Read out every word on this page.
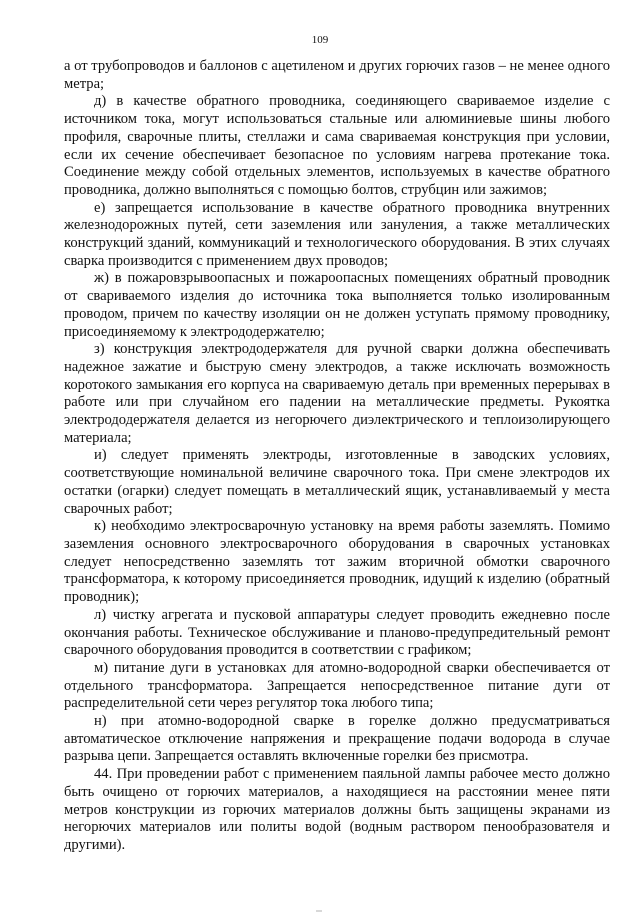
109

а от трубопроводов и баллонов с ацетиленом и других горючих газов – не менее одного метра;

д) в качестве обратного проводника, соединяющего свариваемое изделие с источником тока, могут использоваться стальные или алюминиевые шины любого профиля, сварочные плиты, стеллажи и сама свариваемая конструкция при условии, если их сечение обеспечивает безопасное по условиям нагрева протекание тока. Соединение между собой отдельных элементов, используемых в качестве обратного проводника, должно выполняться с помощью болтов, струбцин или зажимов;

е) запрещается использование в качестве обратного проводника внутренних железнодорожных путей, сети заземления или зануления, а также металлических конструкций зданий, коммуникаций и технологического оборудования. В этих случаях сварка производится с применением двух проводов;

ж) в пожаровзрывоопасных и пожароопасных помещениях обратный проводник от свариваемого изделия до источника тока выполняется только изолированным проводом, причем по качеству изоляции он не должен уступать прямому проводнику, присоединяемому к электрододержателю;

з) конструкция электрододержателя для ручной сварки должна обеспечивать надежное зажатие и быструю смену электродов, а также исключать возможность коротокого замыкания его корпуса на свариваемую деталь при временных перерывах в работе или при случайном его падении на металлические предметы. Рукоятка электрододержателя делается из негорючего диэлектрического и теплоизолирующего материала;

и) следует применять электроды, изготовленные в заводских условиях, соответствующие номинальной величине сварочного тока. При смене электродов их остатки (огарки) следует помещать в металлический ящик, устанавливаемый у места сварочных работ;

к) необходимо электросварочную установку на время работы заземлять. Помимо заземления основного электросварочного оборудования в сварочных установках следует непосредственно заземлять тот зажим вторичной обмотки сварочного трансформатора, к которому присоединяется проводник, идущий к изделию (обратный проводник);

л) чистку агрегата и пусковой аппаратуры следует проводить ежедневно после окончания работы. Техническое обслуживание и планово-предупредительный ремонт сварочного оборудования проводится в соответствии с графиком;

м) питание дуги в установках для атомно-водородной сварки обеспечивается от отдельного трансформатора. Запрещается непосредственное питание дуги от распределительной сети через регулятор тока любого типа;

н) при атомно-водородной сварке в горелке должно предусматриваться автоматическое отключение напряжения и прекращение подачи водорода в случае разрыва цепи. Запрещается оставлять включенные горелки без присмотра.

44. При проведении работ с применением паяльной лампы рабочее место должно быть очищено от горючих материалов, а находящиеся на расстоянии менее пяти метров конструкции из горючих материалов должны быть защищены экранами из негорючих материалов или политы водой (водным раствором пенообразователя и другими).
